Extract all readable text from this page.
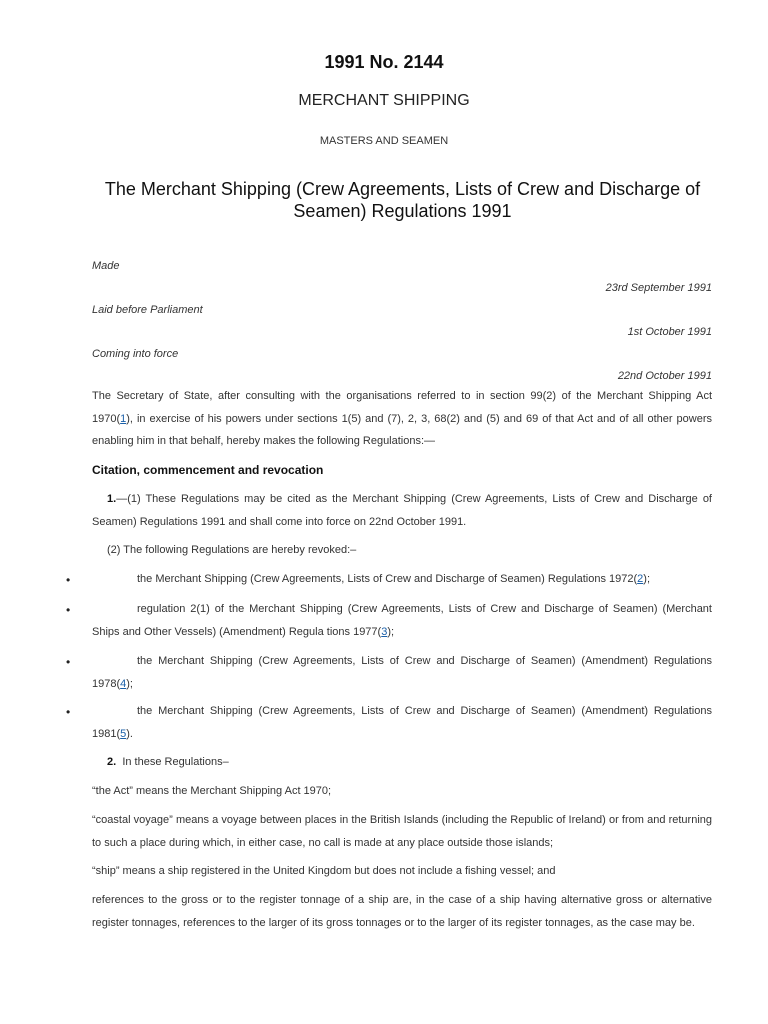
1991 No. 2144
MERCHANT SHIPPING
MASTERS AND SEAMEN
The Merchant Shipping (Crew Agreements, Lists of Crew and Discharge of Seamen) Regulations 1991
Made
23rd September 1991
Laid before Parliament
1st October 1991
Coming into force
22nd October 1991

The Secretary of State, after consulting with the organisations referred to in section 99(2) of the Merchant Shipping Act 1970(1), in exercise of his powers under sections 1(5) and (7), 2, 3, 68(2) and (5) and 69 of that Act and of all other powers enabling him in that behalf, hereby makes the following Regulations:—

Citation, commencement and revocation

1.—(1) These Regulations may be cited as the Merchant Shipping (Crew Agreements, Lists of Crew and Discharge of Seamen) Regulations 1991 and shall come into force on 22nd October 1991.

(2) The following Regulations are hereby revoked:–

•	the Merchant Shipping (Crew Agreements, Lists of Crew and Discharge of Seamen) Regulations 1972(2);

•	regulation 2(1) of the Merchant Shipping (Crew Agreements, Lists of Crew and Discharge of Seamen) (Merchant Ships and Other Vessels) (Amendment) Regula tions 1977(3);

•	the Merchant Shipping (Crew Agreements, Lists of Crew and Discharge of Seamen) (Amendment) Regulations 1978(4);

•	the Merchant Shipping (Crew Agreements, Lists of Crew and Discharge of Seamen) (Amendment) Regulations 1981(5).

2. In these Regulations–

“the Act” means the Merchant Shipping Act 1970;

“coastal voyage” means a voyage between places in the British Islands (including the Republic of Ireland) or from and returning to such a place during which, in either case, no call is made at any place outside those islands;

“ship” means a ship registered in the United Kingdom but does not include a fishing vessel; and

references to the gross or to the register tonnage of a ship are, in the case of a ship having alternative gross or alternative register tonnages, references to the larger of its gross tonnages or to the larger of its register tonnages, as the case may be.
